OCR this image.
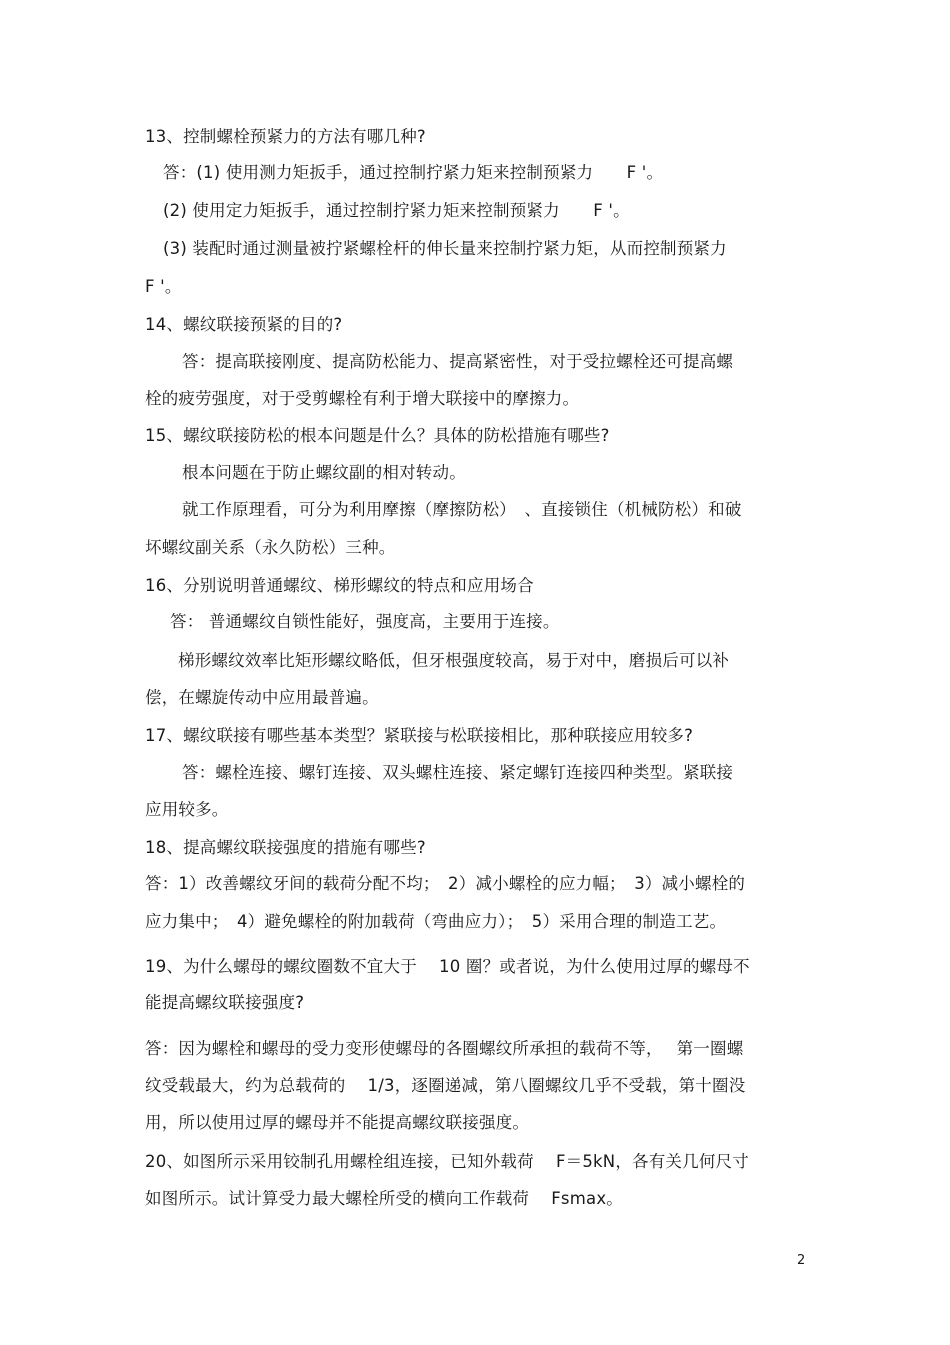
13、控制螺栓预紧力的方法有哪几种?
答：(1) 使用测力矩扳手，通过控制拧紧力矩来控制预紧力　　F '。
(2) 使用定力矩扳手，通过控制拧紧力矩来控制预紧力　　F '。
(3) 装配时通过测量被拧紧螺栓杆的伸长量来控制拧紧力矩，从而控制预紧力
F '。
14、螺纹联接预紧的目的?
答：提高联接刚度、提高防松能力、提高紧密性，对于受拉螺栓还可提高螺
栓的疲劳强度，对于受剪螺栓有利于增大联接中的摩擦力。
15、螺纹联接防松的根本问题是什么？具体的防松措施有哪些?
根本问题在于防止螺纹副的相对转动。
就工作原理看，可分为利用摩擦（摩擦防松）　、直接锁住（机械防松）和破
坏螺纹副关系（永久防松）三种。
16、分别说明普通螺纹、梯形螺纹的特点和应用场合
答： 普通螺纹自锁性能好，强度高，主要用于连接。
梯形螺纹效率比矩形螺纹略低，但牙根强度较高，易于对中，磨损后可以补
偿，在螺旋传动中应用最普遍。
17、螺纹联接有哪些基本类型？紧联接与松联接相比，那种联接应用较多?
答：螺栓连接、螺钉连接、双头螺柱连接、紧定螺钉连接四种类型。紧联接
应用较多。
18、提高螺纹联接强度的措施有哪些?
答：1）改善螺纹牙间的载荷分配不均；　2）减小螺栓的应力幅；　3）减小螺栓的
应力集中；　4）避免螺栓的附加载荷（弯曲应力）；　5）采用合理的制造工艺。
19、为什么螺母的螺纹圈数不宜大于　 10 圈？或者说，为什么使用过厚的螺母不
能提高螺纹联接强度?
答：因为螺栓和螺母的受力变形使螺母的各圈螺纹所承担的载荷不等，　 第一圈螺
纹受载最大，约为总载荷的　 1/3，逐圈递减，第八圈螺纹几乎不受载，第十圈没
用，所以使用过厚的螺母并不能提高螺纹联接强度。
20、如图所示采用铰制孔用螺栓组连接，已知外载荷　 F＝5kN，各有关几何尺寸
如图所示。试计算受力最大螺栓所受的横向工作载荷　 Fsmax。
2
